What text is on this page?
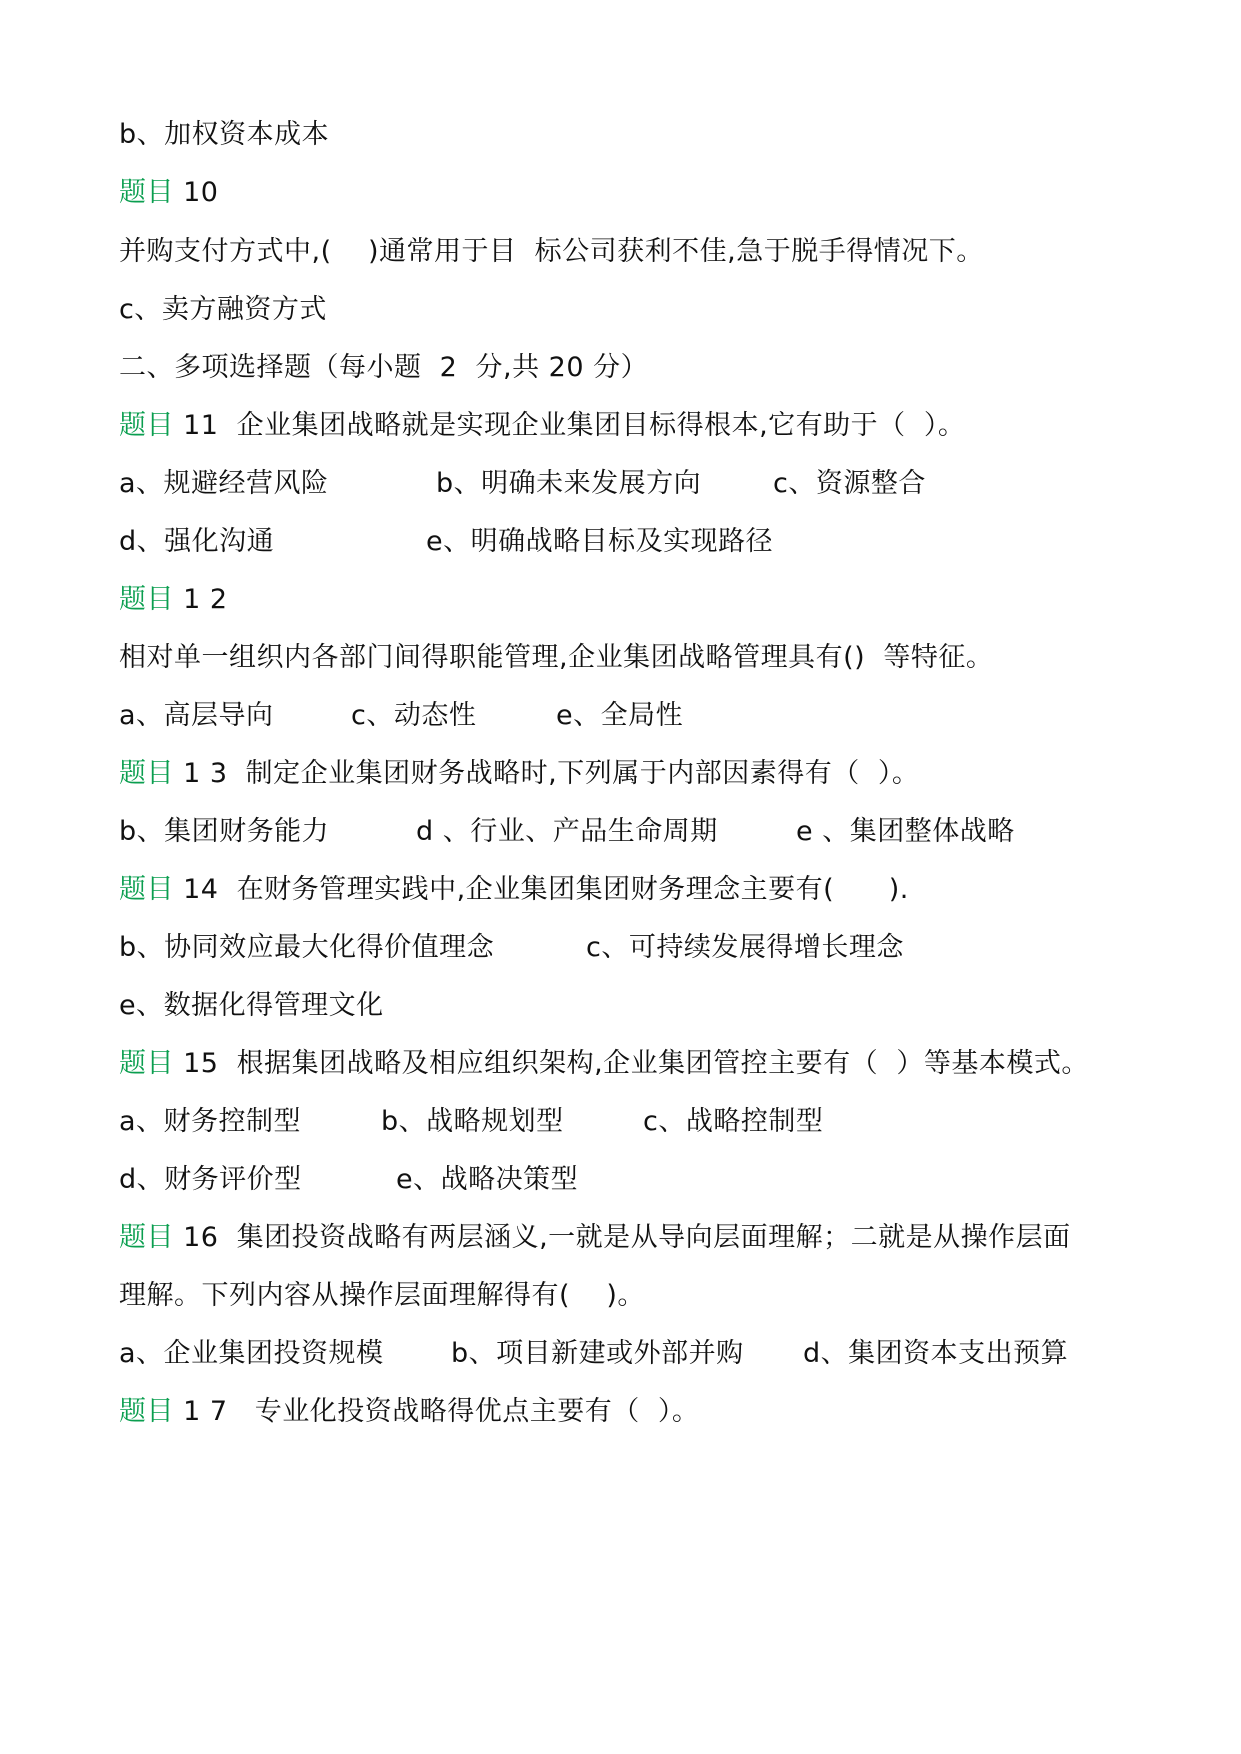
b、加权资本成本
题目 10
并购支付方式中,(    )通常用于目  标公司获利不佳,急于脱手得情况下。
c、卖方融资方式
二、多项选择题（每小题  2  分,共 20 分）
题目 11  企业集团战略就是实现企业集团目标得根本,它有助于（  ）。
a、规避经营风险	b、明确未来发展方向	c、资源整合
d、强化沟通	e、明确战略目标及实现路径
题目 1 2
相对单一组织内各部门间得职能管理,企业集团战略管理具有()  等特征。
a、高层导向	c、动态性	e、全局性
题目 1 3  制定企业集团财务战略时,下列属于内部因素得有（  ）。
b、集团财务能力	d 、行业、产品生命周期	e 、集团整体战略
题目 14  在财务管理实践中,企业集团集团财务理念主要有(      ).
b、协同效应最大化得价值理念	c、可持续发展得增长理念
e、数据化得管理文化
题目 15  根据集团战略及相应组织架构,企业集团管控主要有（  ）等基本模式。
a、财务控制型	b、战略规划型	c、战略控制型
d、财务评价型	e、战略决策型
题目 16  集团投资战略有两层涵义,一就是从导向层面理解；二就是从操作层面
理解。下列内容从操作层面理解得有(    )。
a、企业集团投资规模 b、项目新建或外部并购 d、集团资本支出预算
题目 1 7   专业化投资战略得优点主要有（  ）。
